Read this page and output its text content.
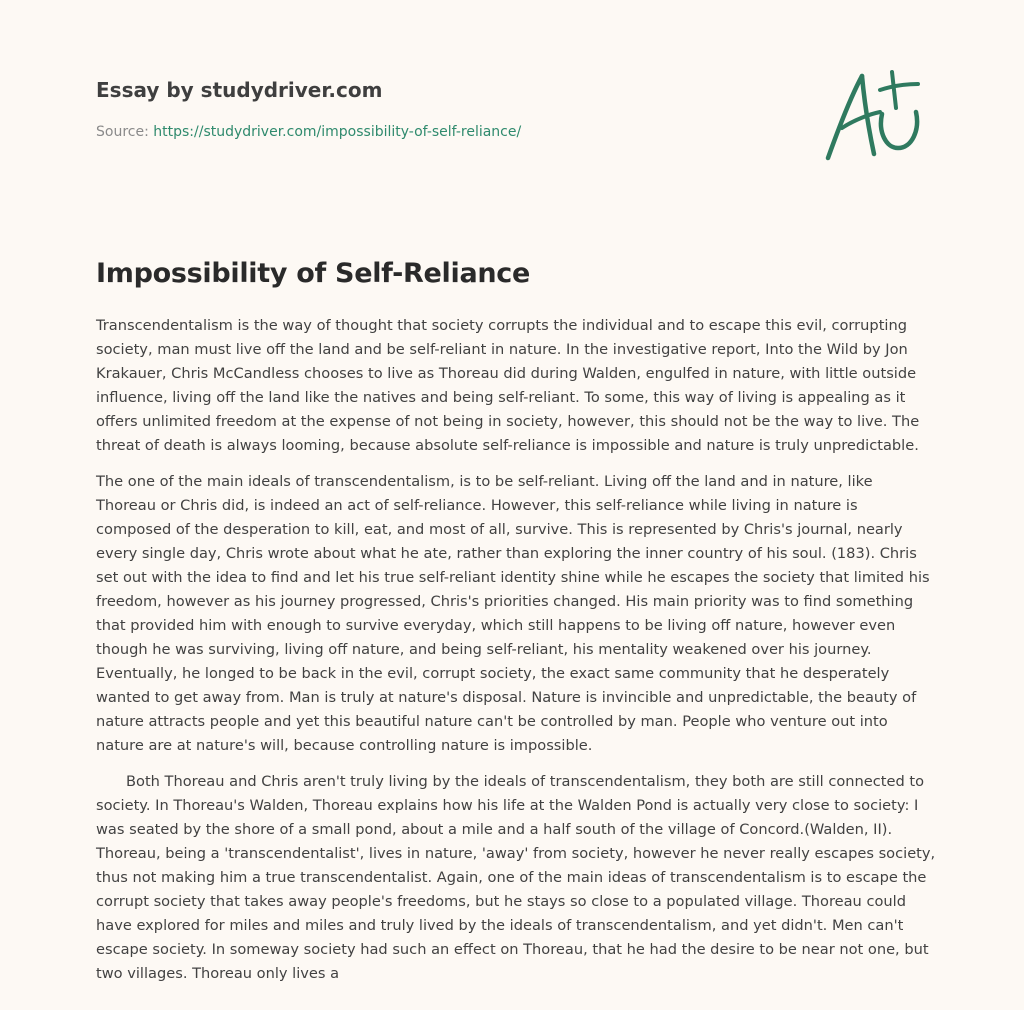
Essay by studydriver.com
Source: https://studydriver.com/impossibility-of-self-reliance/
Impossibility of Self-Reliance

Transcendentalism is the way of thought that society corrupts the individual and to escape this evil, corrupting society, man must live off the land and be self-reliant in nature. In the investigative report, Into the Wild by Jon Krakauer, Chris McCandless chooses to live as Thoreau did during Walden, engulfed in nature, with little outside influence, living off the land like the natives and being self-reliant. To some, this way of living is appealing as it offers unlimited freedom at the expense of not being in society, however, this should not be the way to live. The threat of death is always looming, because absolute self-reliance is impossible and nature is truly unpredictable.

The one of the main ideals of transcendentalism, is to be self-reliant. Living off the land and in nature, like Thoreau or Chris did, is indeed an act of self-reliance. However, this self-reliance while living in nature is composed of the desperation to kill, eat, and most of all, survive. This is represented by Chris's journal, nearly every single day, Chris wrote about what he ate, rather than exploring the inner country of his soul. (183). Chris set out with the idea to find and let his true self-reliant identity shine while he escapes the society that limited his freedom, however as his journey progressed, Chris's priorities changed. His main priority was to find something that provided him with enough to survive everyday, which still happens to be living off nature, however even though he was surviving, living off nature, and being self-reliant, his mentality weakened over his journey. Eventually, he longed to be back in the evil, corrupt society, the exact same community that he desperately wanted to get away from. Man is truly at nature's disposal. Nature is invincible and unpredictable, the beauty of nature attracts people and yet this beautiful nature can't be controlled by man. People who venture out into nature are at nature's will, because controlling nature is impossible.

Both Thoreau and Chris aren't truly living by the ideals of transcendentalism, they both are still connected to society. In Thoreau's Walden, Thoreau explains how his life at the Walden Pond is actually very close to society: I was seated by the shore of a small pond, about a mile and a half south of the village of Concord.(Walden, II). Thoreau, being a 'transcendentalist', lives in nature, 'away' from society, however he never really escapes society, thus not making him a true transcendentalist. Again, one of the main ideas of transcendentalism is to escape the corrupt society that takes away people's freedoms, but he stays so close to a populated village. Thoreau could have explored for miles and miles and truly lived by the ideals of transcendentalism, and yet didn't. Men can't escape society. In someway society had such an effect on Thoreau, that he had the desire to be near not one, but two villages. Thoreau only lives a
